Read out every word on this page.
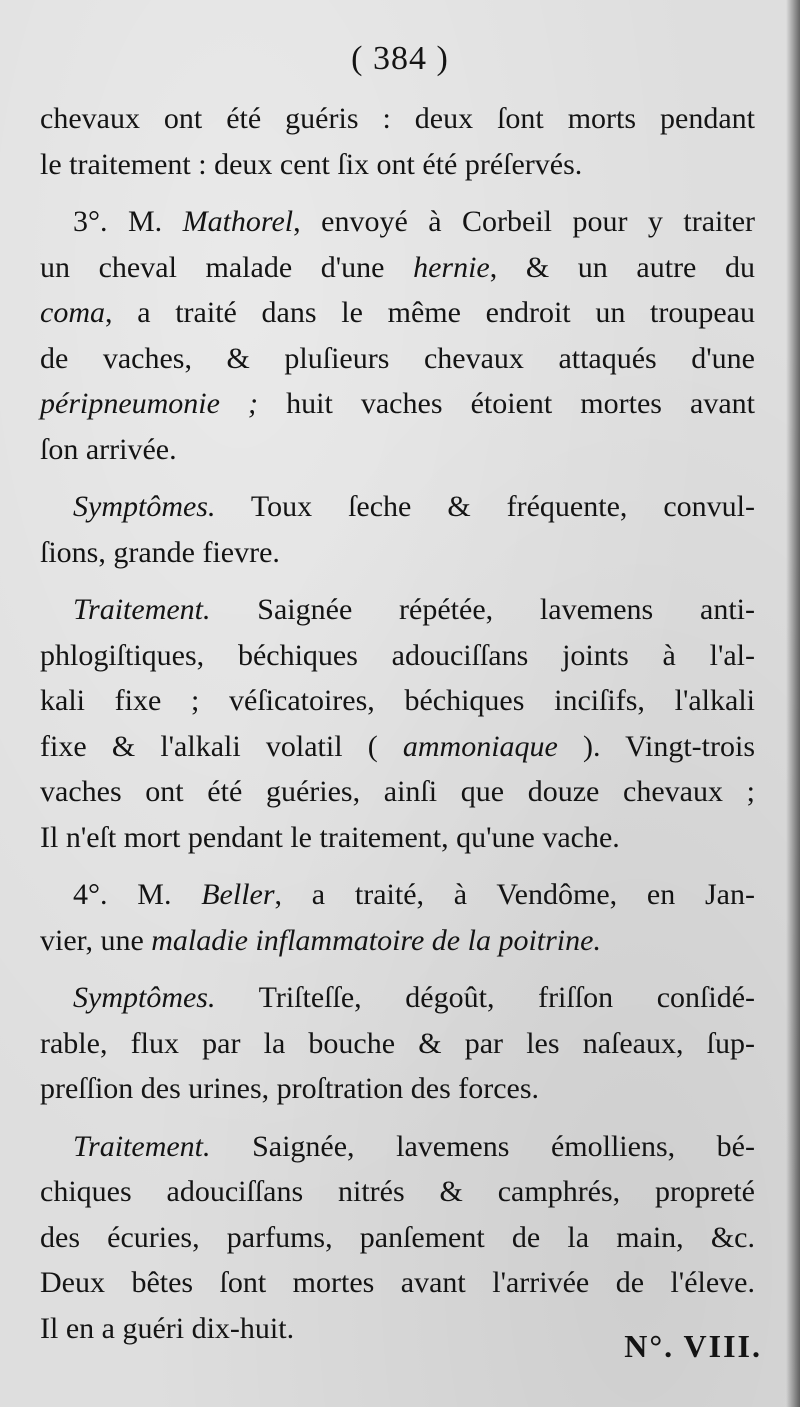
( 384 )
chevaux ont été guéris : deux ſont morts pendant
le traitement : deux cent ſix ont été préſervés.
3°. M. Mathorel, envoyé à Corbeil pour y traiter
un cheval malade d'une hernie, & un autre du
coma, a traité dans le même endroit un troupeau
de vaches, & pluſieurs chevaux attaqués d'une
péripneumonie ; huit vaches étoient mortes avant
ſon arrivée.
Symptômes. Toux ſeche & fréquente, convul-
ſions, grande fievre.
Traitement. Saignée répétée, lavemens anti-
phlogiſtiques, béchiques adouciſſans joints à l'al-
kali fixe ; véſicatoires, béchiques inciſifs, l'alkali
fixe & l'alkali volatil ( ammoniaque ). Vingt-trois
vaches ont été guéries, ainſi que douze chevaux ;
Il n'eſt mort pendant le traitement, qu'une vache.
4°. M. Beller, a traité, à Vendôme, en Jan-
vier, une maladie inflammatoire de la poitrine.
Symptômes. Triſteſſe, dégoût, friſſon conſidé-
rable, flux par la bouche & par les naſeaux, ſup-
preſſion des urines, proſtration des forces.
Traitement. Saignée, lavemens émolliens, bé-
chiques adouciſſans nitrés & camphrés, propreté
des écuries, parfums, panſement de la main, &c.
Deux bêtes ſont mortes avant l'arrivée de l'éleve.
Il en a guéri dix-huit.	N°. VIII.
